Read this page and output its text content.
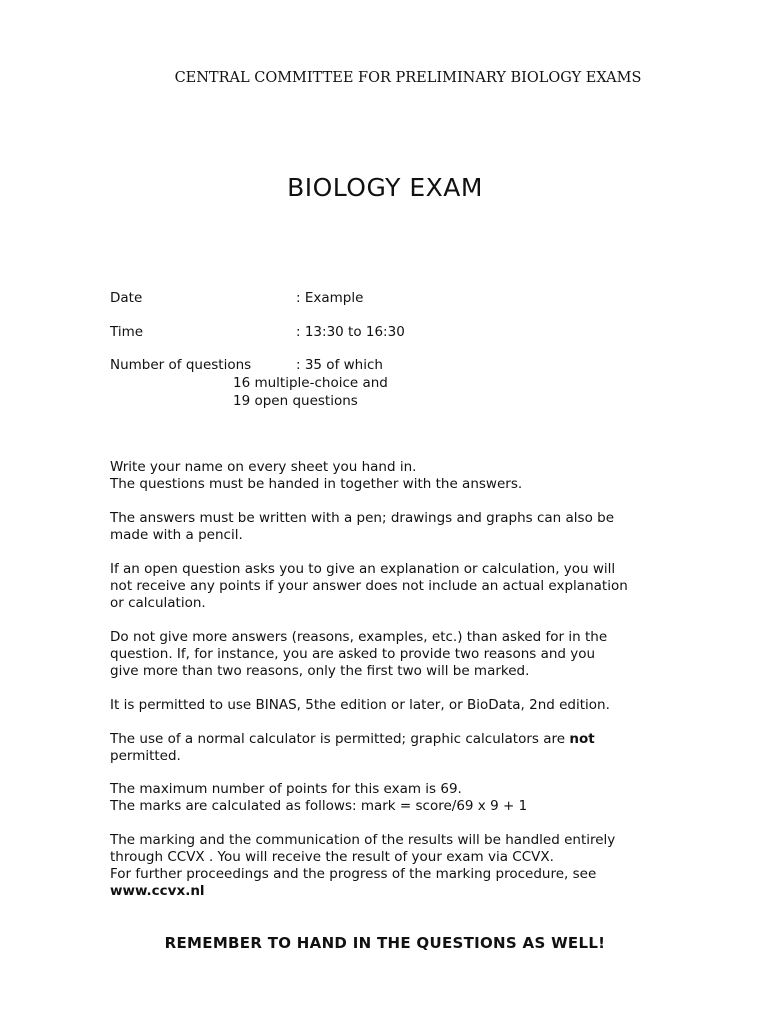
CENTRAL COMMITTEE FOR PRELIMINARY BIOLOGY EXAMS
BIOLOGY EXAM
Date	: Example
Time	: 13:30 to 16:30
Number of questions	: 35 of which
16 multiple-choice and
19 open questions
Write your name on every sheet you hand in.
The questions must be handed in together with the answers.
The answers must be written with a pen; drawings and graphs can also be
made with a pencil.
If an open question asks you to give an explanation or calculation, you will
not receive any points if your answer does not include an actual explanation
or calculation.
Do not give more answers (reasons, examples, etc.) than asked for in the
question. If, for instance, you are asked to provide two reasons and you
give more than two reasons, only the first two will be marked.
It is permitted to use BINAS, 5the edition or later, or BioData, 2nd edition.
The use of a normal calculator is permitted; graphic calculators are not
permitted.
The maximum number of points for this exam is 69.
The marks are calculated as follows: mark = score/69 x 9 + 1
The marking and the communication of the results will be handled entirely
through CCVX . You will receive the result of your exam via CCVX.
For further proceedings and the progress of the marking procedure, see
www.ccvx.nl
REMEMBER TO HAND IN THE QUESTIONS AS WELL!
